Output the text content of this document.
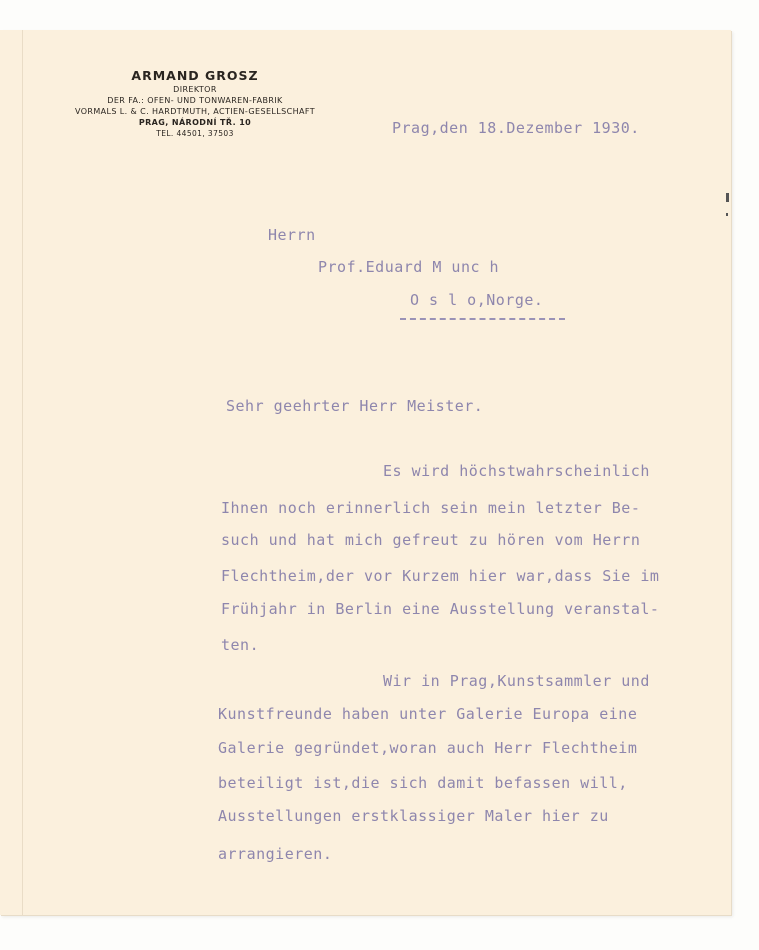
ARMAND GROSZ
DIREKTOR
DER FA.: OFEN- UND TONWAREN-FABRIK
VORMALS L. & C. HARDTMUTH, ACTIEN-GESELLSCHAFT
PRAG, NÁRODNÍ TŘ. 10
TEL. 44501, 37503	Prag,den 18.Dezember 1930.
Herrn
Prof.Eduard M unc h
O s l o,Norge.
Sehr geehrter Herr Meister.
Es wird höchstwahrscheinlich
Ihnen noch erinnerlich sein mein letzter Be-
such und hat mich gefreut zu hören vom Herrn
Flechtheim,der vor Kurzem hier war,dass Sie im
Frühjahr in Berlin eine Ausstellung veranstal-
ten.
Wir in Prag,Kunstsammler und
Kunstfreunde haben unter Galerie Europa eine
Galerie gegründet,woran auch Herr Flechtheim
beteiligt ist,die sich damit befassen will,
Ausstellungen erstklassiger Maler hier zu
arrangieren.
